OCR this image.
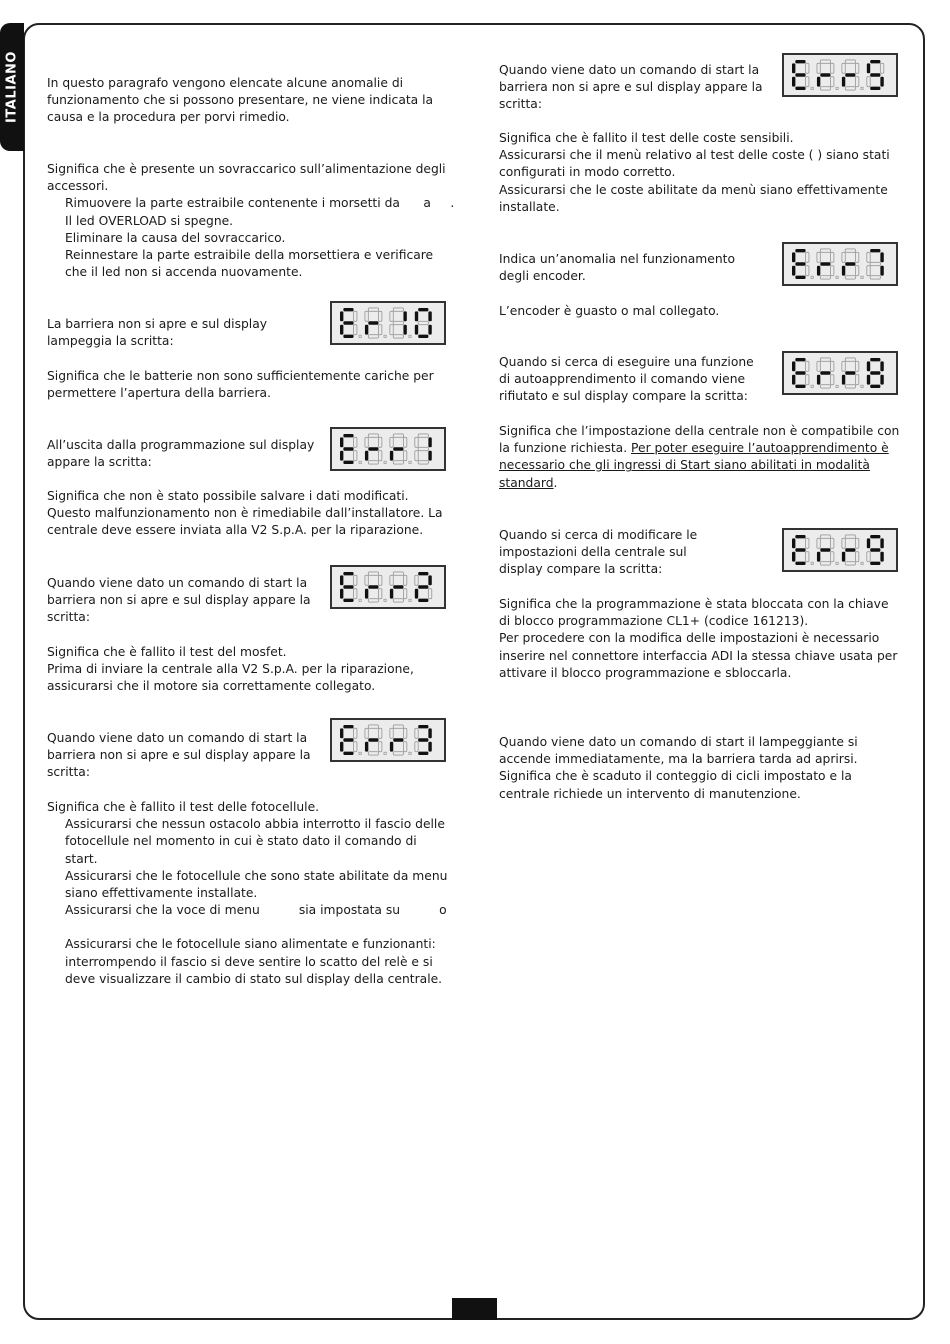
ITALIANO In questo paragrafo vengono elencate alcune anomalie di funzionamento che si possono presentare, ne viene indicata la causa e la procedura per porvi rimedio.

Significa che è presente un sovraccarico sull’alimentazione degli accessori.

Rimuovere la parte estraibile contenente i morsetti da      a     .

Il led OVERLOAD si spegne.

Eliminare la causa del sovraccarico.

Reinnestare la parte estraibile della morsettiera e verificare che il led non si accenda nuovamente.

La barriera non si apre e sul display lampeggia la scritta:

Significa che le batterie non sono sufficientemente cariche per permettere l’apertura della barriera.

All’uscita dalla programmazione sul display appare la scritta:

Significa che non è stato possibile salvare i dati modificati. Questo malfunzionamento non è rimediabile dall’installatore. La centrale deve essere inviata alla V2 S.p.A. per la riparazione.

Quando viene dato un comando di start la barriera non si apre e sul display appare la scritta:

Significa che è fallito il test del mosfet.

Prima di inviare la centrale alla V2 S.p.A. per la riparazione, assicurarsi che il motore sia correttamente collegato.

Quando viene dato un comando di start la barriera non si apre e sul display appare la scritta:

Significa che è fallito il test delle fotocellule.

Assicurarsi che nessun ostacolo abbia interrotto il fascio delle fotocellule nel momento in cui è stato dato il comando di start.

Assicurarsi che le fotocellule che sono state abilitate da menu siano effettivamente installate.

Assicurarsi che la voce di menu          sia impostata su          o

Assicurarsi che le fotocellule siano alimentate e funzionanti: interrompendo il fascio si deve sentire lo scatto del relè e si deve visualizzare il cambio di stato sul display della centrale.

Quando viene dato un comando di start la barriera non si apre e sul display appare la scritta:

Significa che è fallito il test delle coste sensibili.

Assicurarsi che il menù relativo al test delle coste ( ) siano stati configurati in modo corretto.

Assicurarsi che le coste abilitate da menù siano effettivamente installate.

Indica un’anomalia nel funzionamento degli encoder.

L’encoder è guasto o mal collegato.

Quando si cerca di eseguire una funzione di autoapprendimento il comando viene rifiutato e sul display compare la scritta:

Significa che l’impostazione della centrale non è compatibile con la funzione richiesta. Per poter eseguire l’autoapprendimento è necessario che gli ingressi di Start siano abilitati in modalità standard.

Quando si cerca di modificare le impostazioni della centrale sul display compare la scritta:

Significa che la programmazione è stata bloccata con la chiave di blocco programmazione CL1+ (codice 161213).

Per procedere con la modifica delle impostazioni è necessario inserire nel connettore interfaccia ADI la stessa chiave usata per attivare il blocco programmazione e sbloccarla.

Quando viene dato un comando di start il lampeggiante si accende immediatamente, ma la barriera tarda ad aprirsi. Significa che è scaduto il conteggio di cicli impostato e la centrale richiede un intervento di manutenzione.
